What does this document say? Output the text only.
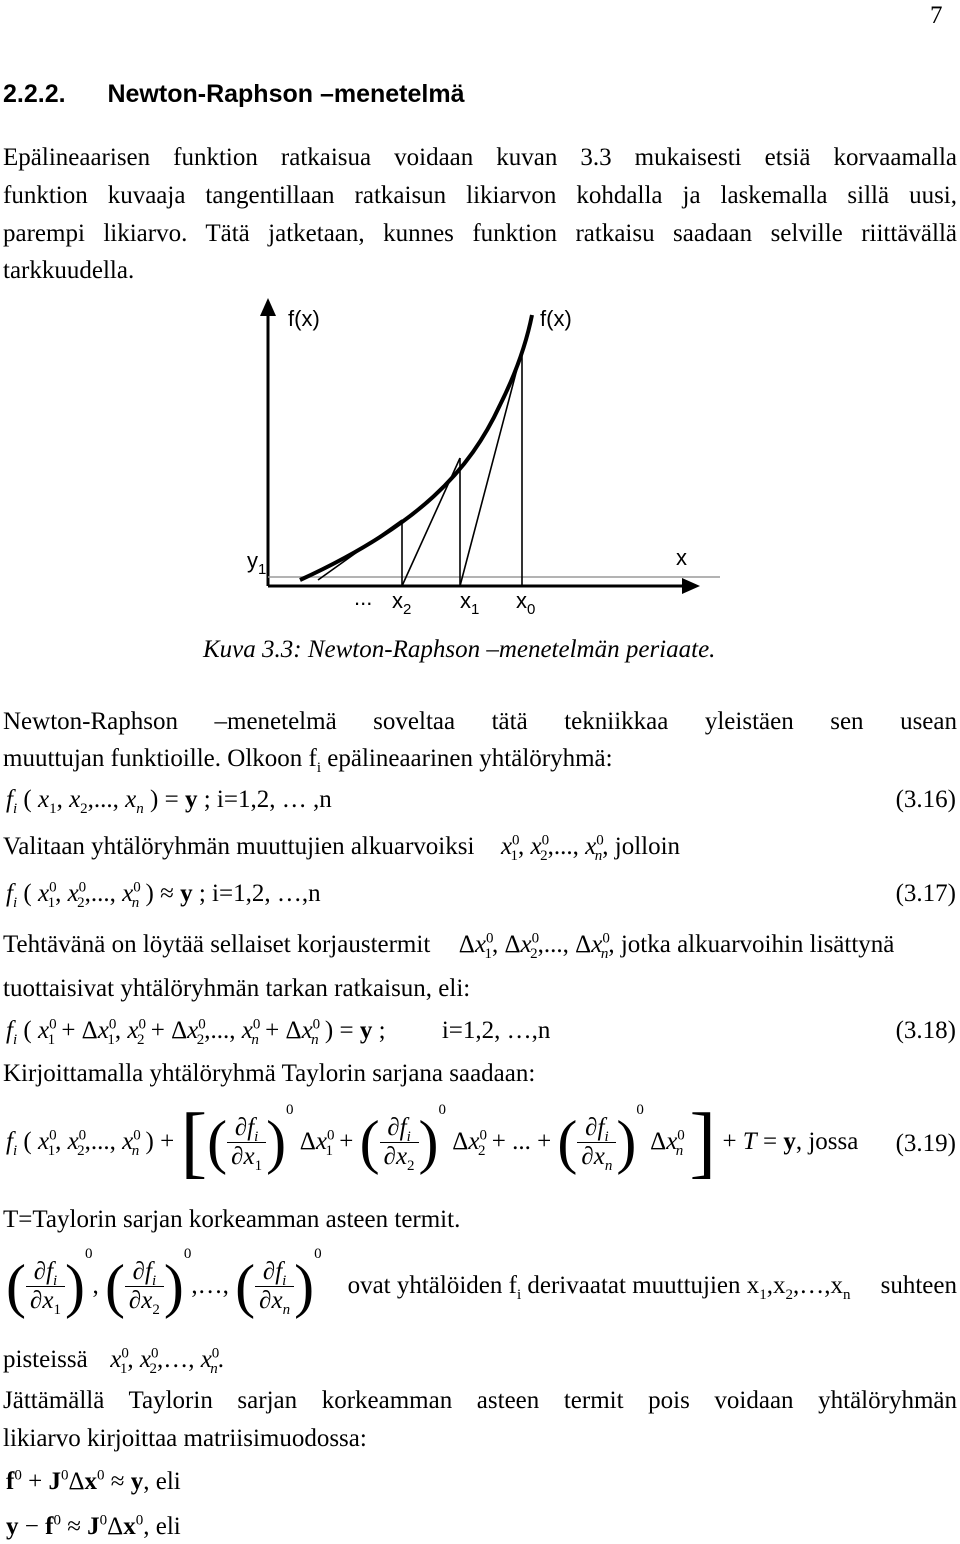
7
2.2.2. Newton-Raphson –menetelmä
Epälineaarisen funktion ratkaisua voidaan kuvan 3.3 mukaisesti etsiä korvaamalla
funktion kuvaaja tangentillaan ratkaisun likiarvon kohdalla ja laskemalla sillä uusi,
parempi likiarvo. Tätä jatketaan, kunnes funktion ratkaisu saadaan selville riittävällä
tarkkuudella.
f(x)	f(x)
$y_1$	x
... $x_2$ $x_1$ $x_0$
Kuva 3.3: Newton-Raphson –menetelmän periaate.
Newton-Raphson –menetelmä soveltaa tätä tekniikkaa yleistäen sen usean
muuttujan funktioille. Olkoon $f_i$ epälineaarinen yhtälöryhmä:
$f_i$ ( $x_1$, $x_2$,..., $x_n$ ) = y ; i=1,2, … ,n	(3.16)
Valitaan yhtälöryhmän muuttujien alkuarvoiksi $x^0_1$, $x^0_2$,..., $x^0_n$, jolloin
$f_i$ ( $x^0_1$, $x^0_2$,..., $x^0_n$ ) ≈ y ; i=1,2, …,n	(3.17)
Tehtävänä on löytää sellaiset korjaustermit  $\Delta x^0_1$, $\Delta x^0_2$,..., $\Delta x^0_n$, jotka alkuarvoihin lisättynä
tuottaisivat yhtälöryhmän tarkan ratkaisun, eli:
$f_i$ ( $x^0_1 + \Delta x^0_1$, $x^0_2 + \Delta x^0_2$,..., $x^0_n + \Delta x^0_n$ ) = y ; i=1,2, …,n	(3.18)
Kirjoittamalla yhtälöryhmä Taylorin sarjana saadaan:
$f_i$ ( $x^0_1$, $x^0_2$,..., $x^0_n$ ) + [ ( $\frac{\partial f_i}{\partial x_1}$ ) 0
$\Delta x^0_1$ + ( $\frac{\partial f_i}{\partial x_2}$ ) 0
$\Delta x^0_2$ + ... + ( $\frac{\partial f_i}{\partial x_n}$ ) 0
$\Delta x^0_n$ ] + T = y, jossa (3.19)
T=Taylorin sarjan korkeamman asteen termit.
( $\frac{\partial f_i}{\partial x_1}$ ) 0
, ( $\frac{\partial f_i}{\partial x_2}$ ) 0
,…, ( $\frac{\partial f_i}{\partial x_n}$ ) 0
ovat yhtälöiden $f_i$ derivaatat muuttujien $x_1,x_2,\dots,x_n$ suhteen
pisteissä $x^0_1$, $x^0_2,\dots$, $x^0_n$.
Jättämällä Taylorin sarjan korkeamman asteen termit pois voidaan yhtälöryhmän
likiarvo kirjoittaa matriisimuodossa:
$f^0 + J^0\Delta x^0 \approx y$, eli
$y - f^0 \approx J^0\Delta x^0$, eli
